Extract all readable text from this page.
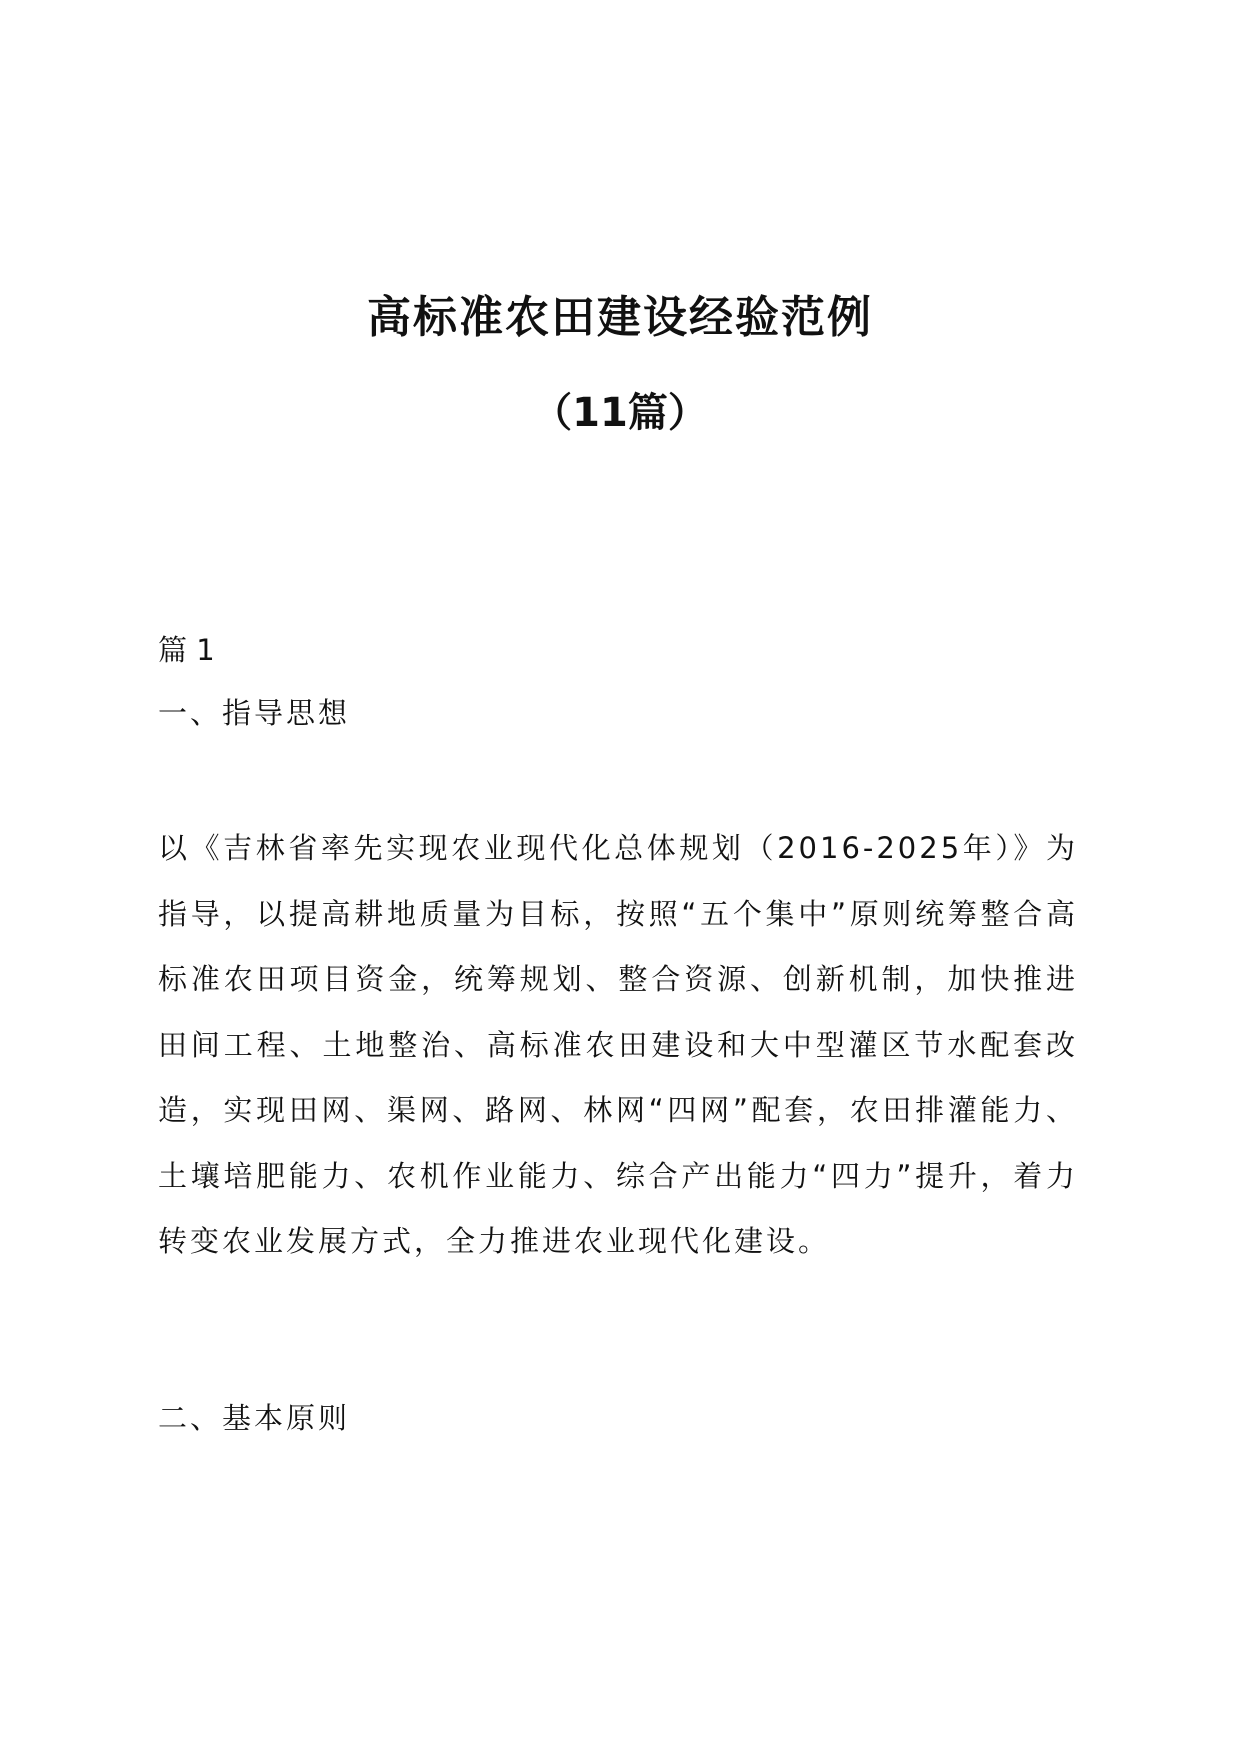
高标准农田建设经验范例
（11篇）

篇 1

一、指导思想

以《吉林省率先实现农业现代化总体规划（2016-2025年）》为指导，以提高耕地质量为目标，按照“五个集中”原则统筹整合高标准农田项目资金，统筹规划、整合资源、创新机制，加快推进田间工程、土地整治、高标准农田建设和大中型灌区节水配套改造，实现田网、渠网、路网、林网“四网”配套，农田排灌能力、土壤培肥能力、农机作业能力、综合产出能力“四力”提升，着力转变农业发展方式，全力推进农业现代化建设。

二、基本原则
